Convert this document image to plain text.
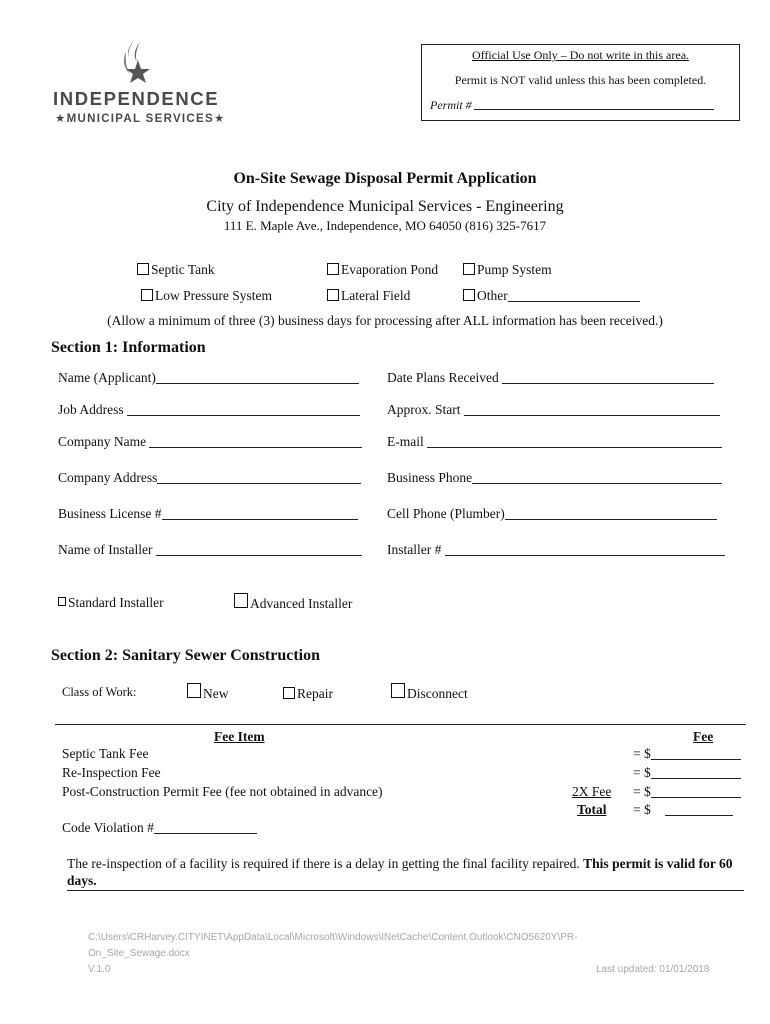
INDEPENDENCE
★MUNICIPAL SERVICES★
Official Use Only – Do not write in this area.
Permit is NOT valid unless this has been completed.
Permit #
On-Site Sewage Disposal Permit Application
City of Independence Municipal Services - Engineering
111 E. Maple Ave., Independence, MO 64050 (816) 325-7617
Septic Tank	Evaporation Pond	Pump System
Low Pressure System	Lateral Field	Other
(Allow a minimum of three (3) business days for processing after ALL information has been received.)
Section 1: Information
Name (Applicant)	Date Plans Received
Job Address	Approx. Start
Company Name	E-mail
Company Address	Business Phone
Business License #	Cell Phone (Plumber)
Name of Installer	Installer #
Standard Installer	Advanced Installer
Section 2: Sanitary Sewer Construction
Class of Work:	New	Repair	Disconnect
Fee Item	Fee
Septic Tank Fee	= $
Re-Inspection Fee	= $
Post-Construction Permit Fee (fee not obtained in advance)	2X Fee = $
Total = $
Code Violation #
The re-inspection of a facility is required if there is a delay in getting the final facility repaired. This permit is valid for 60 days.
C:\Users\CRHarvey.CITYINET\AppData\Local\Microsoft\Windows\INetCache\Content.Outlook\CNO5620Y\PR-
On_Site_Sewage.docx
V.1.0	Last updated: 01/01/2018
